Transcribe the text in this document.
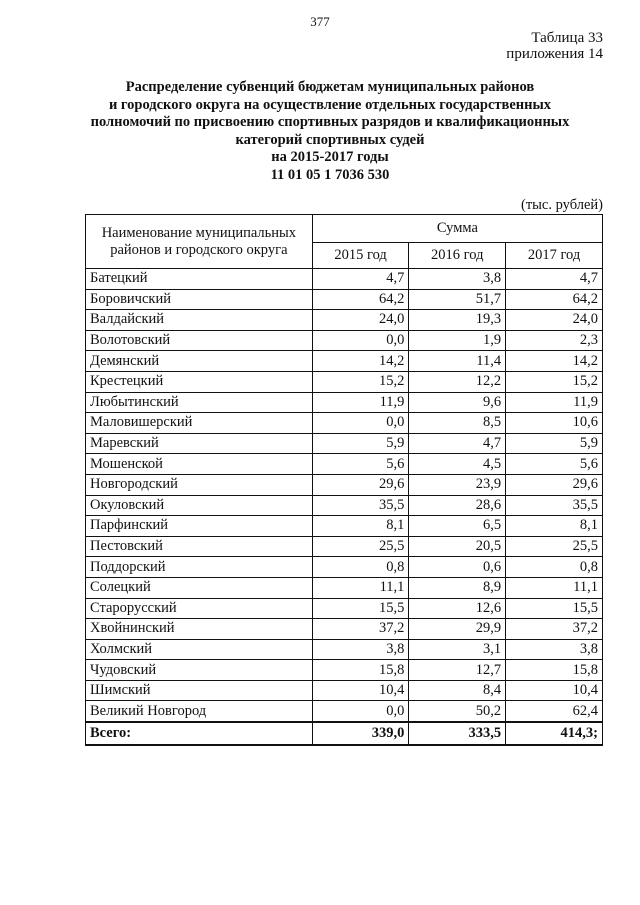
377
Таблица 33
приложения 14
Распределение субвенций бюджетам муниципальных районов
и городского округа на осуществление отдельных государственных
полномочий по присвоению спортивных разрядов и квалификационных
категорий спортивных судей
на 2015-2017 годы
11 01 05 1 7036 530
(тыс. рублей)
Наименование муниципальных районов и городского округа	Сумма		
	2015 год	2016 год	2017 год
Батецкий	4,7	3,8	4,7
Боровичский	64,2	51,7	64,2
Валдайский	24,0	19,3	24,0
Волотовский	0,0	1,9	2,3
Демянский	14,2	11,4	14,2
Крестецкий	15,2	12,2	15,2
Любытинский	11,9	9,6	11,9
Маловишерский	0,0	8,5	10,6
Маревский	5,9	4,7	5,9
Мошенской	5,6	4,5	5,6
Новгородский	29,6	23,9	29,6
Окуловский	35,5	28,6	35,5
Парфинский	8,1	6,5	8,1
Пестовский	25,5	20,5	25,5
Поддорский	0,8	0,6	0,8
Солецкий	11,1	8,9	11,1
Старорусский	15,5	12,6	15,5
Хвойнинский	37,2	29,9	37,2
Холмский	3,8	3,1	3,8
Чудовский	15,8	12,7	15,8
Шимский	10,4	8,4	10,4
Великий Новгород	0,0	50,2	62,4
Всего:	339,0	333,5	414,3;
